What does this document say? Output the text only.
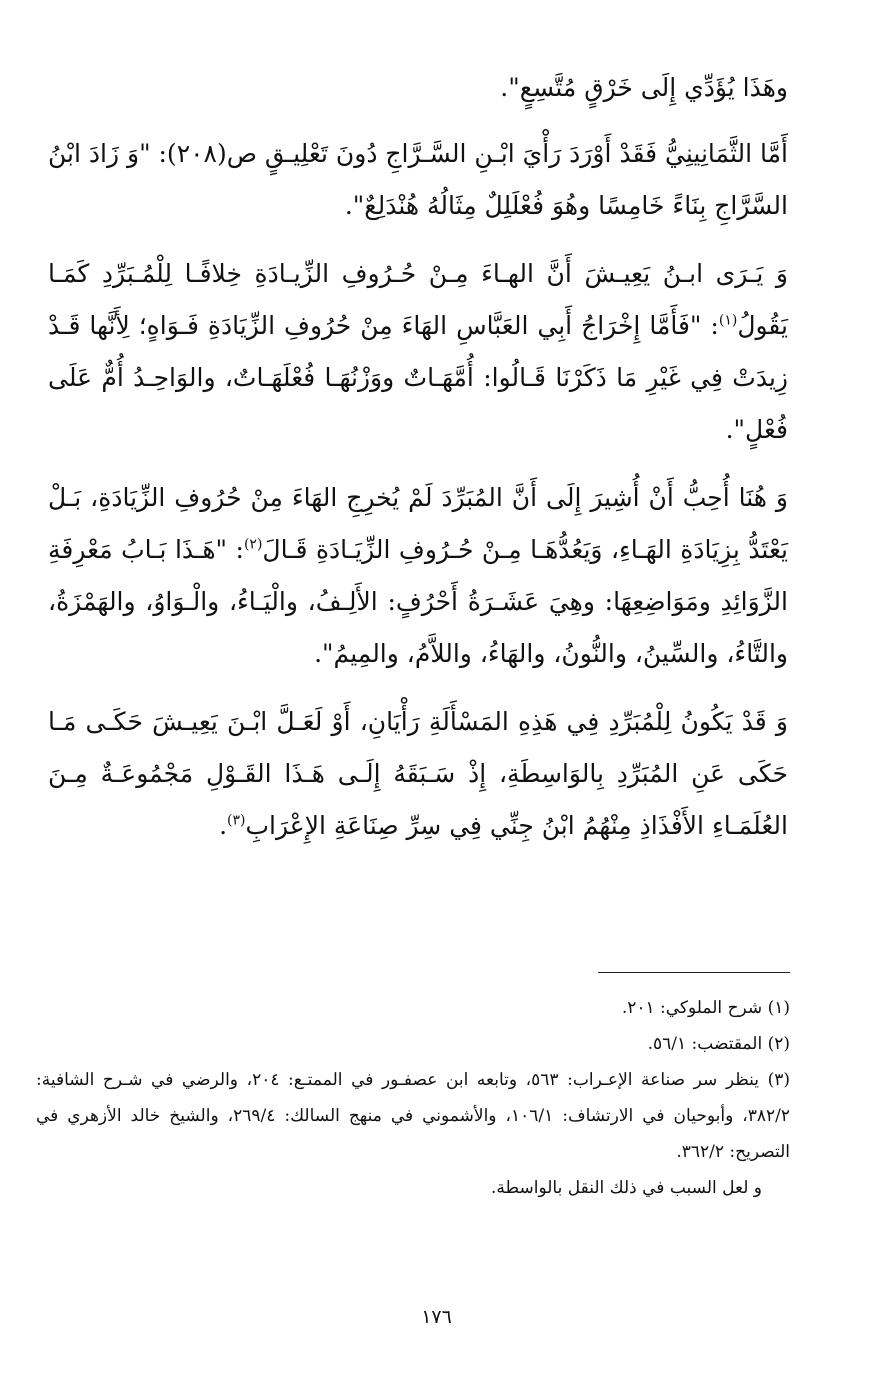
وهَذَا يُؤَدِّي إِلَى خَرْقٍ مُتَّسِعٍ".

أَمَّا الثَّمَانِينِيُّ فَقَدْ أَوْرَدَ رَأْيَ ابْـنِ السَّـرَّاجِ دُونَ تَعْلِيـقٍ ص(٢٠٨): "وَ زَادَ ابْنُ السَّرَّاجِ بِنَاءً خَامِسًا وهُوَ فُعْلَلِلٌ مِثَالُهُ هُنْدَلِعٌ".

وَ يَـرَى ابـنُ يَعِيـشَ أَنَّ الهـاءَ مِـنْ حُـرُوفِ الزِّيـادَةِ خِلافًـا لِلْمُـبَرِّدِ كَمَـا يَقُولُ$^{(١)}$: "فَأَمَّا إِخْرَاجُ أَبِي العَبَّاسِ الهَاءَ مِنْ حُرُوفِ الزِّيَادَةِ فَـوَاهٍ؛ لِأَنَّها قَـدْ زِيدَتْ فِي غَيْرِ مَا ذَكَرْنَا قَـالُوا: أُمَّهَـاتٌ ووَزْنُهَـا فُعْلَهَـاتٌ، والوَاحِـدُ أُمٌّ عَلَى فُعْلٍ".

وَ هُنَا أُحِبُّ أَنْ أُشِيرَ إِلَى أَنَّ المُبَرِّدَ لَمْ يُخرِجِ الهَاءَ مِنْ حُرُوفِ الزِّيَادَةِ، بَـلْ يَعْتَدُّ بِزِيَادَةِ الهَـاءِ، وَيَعُدُّهَـا مِـنْ حُـرُوفِ الزِّيَـادَةِ قَـالَ$^{(٢)}$: "هَـذَا بَـابُ مَعْرِفَةِ الزَّوَائِدِ ومَوَاضِعِهَا: وهِيَ عَشَـرَةُ أَحْرُفٍ: الأَلِـفُ، والْيَـاءُ، والْـوَاوُ، والهَمْزَةُ، والتَّاءُ، والسِّينُ، والنُّونُ، والهَاءُ، واللاَّمُ، والمِيمُ".

وَ قَدْ يَكُونُ لِلْمُبَرِّدِ فِي هَذِهِ المَسْأَلَةِ رَأْيَانِ، أَوْ لَعَـلَّ ابْـنَ يَعِيـشَ حَكَـى مَـا حَكَى عَنِ المُبَرِّدِ بِالوَاسِطَةِ، إِذْ سَـبَقَهُ إِلَـى هَـذَا القَـوْلِ مَجْمُوعَـةٌ مِـنَ العُلَمَـاءِ الأَفْذَاذِ مِنْهُمُ ابْنُ جِنِّي فِي سِرِّ صِنَاعَةِ الإِعْرَابِ$^{(٣)}$.

(١) شرح الملوكي: ٢٠١.

(٢) المقتضب: ٥٦/١.

(٣) ينظر سر صناعة الإعـراب: ٥٦٣، وتابعه ابن عصفـور في الممتـع: ٢٠٤، والرضي في شـرح الشافية: ٣٨٢/٢، وأبوحيان في الارتشاف: ١٠٦/١، والأشموني في منهج السالك: ٢٦٩/٤، والشيخ خالد الأزهري في التصريح: ٣٦٢/٢.

و لعل السبب في ذلك النقل بالواسطة.

١٧٦
